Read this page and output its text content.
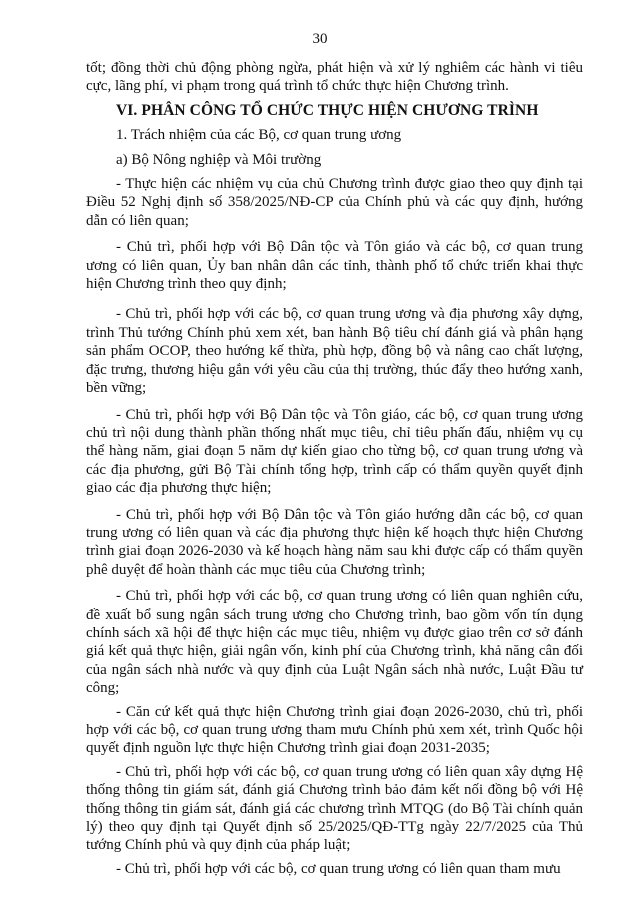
30

tốt; đồng thời chủ động phòng ngừa, phát hiện và xử lý nghiêm các hành vi tiêu cực, lãng phí, vi phạm trong quá trình tổ chức thực hiện Chương trình.

VI. PHÂN CÔNG TỔ CHỨC THỰC HIỆN CHƯƠNG TRÌNH

1. Trách nhiệm của các Bộ, cơ quan trung ương

a) Bộ Nông nghiệp và Môi trường

- Thực hiện các nhiệm vụ của chủ Chương trình được giao theo quy định tại Điều 52 Nghị định số 358/2025/NĐ-CP của Chính phủ và các quy định, hướng dẫn có liên quan;

- Chủ trì, phối hợp với Bộ Dân tộc và Tôn giáo và các bộ, cơ quan trung ương có liên quan, Ủy ban nhân dân các tỉnh, thành phố tổ chức triển khai thực hiện Chương trình theo quy định;

- Chủ trì, phối hợp với các bộ, cơ quan trung ương và địa phương xây dựng, trình Thủ tướng Chính phủ xem xét, ban hành Bộ tiêu chí đánh giá và phân hạng sản phẩm OCOP, theo hướng kế thừa, phù hợp, đồng bộ và nâng cao chất lượng, đặc trưng, thương hiệu gắn với yêu cầu của thị trường, thúc đẩy theo hướng xanh, bền vững;

- Chủ trì, phối hợp với Bộ Dân tộc và Tôn giáo, các bộ, cơ quan trung ương chủ trì nội dung thành phần thống nhất mục tiêu, chỉ tiêu phấn đấu, nhiệm vụ cụ thể hàng năm, giai đoạn 5 năm dự kiến giao cho từng bộ, cơ quan trung ương và các địa phương, gửi Bộ Tài chính tổng hợp, trình cấp có thẩm quyền quyết định giao các địa phương thực hiện;

- Chủ trì, phối hợp với Bộ Dân tộc và Tôn giáo hướng dẫn các bộ, cơ quan trung ương có liên quan và các địa phương thực hiện kế hoạch thực hiện Chương trình giai đoạn 2026-2030 và kế hoạch hàng năm sau khi được cấp có thẩm quyền phê duyệt để hoàn thành các mục tiêu của Chương trình;

- Chủ trì, phối hợp với các bộ, cơ quan trung ương có liên quan nghiên cứu, đề xuất bổ sung ngân sách trung ương cho Chương trình, bao gồm vốn tín dụng chính sách xã hội để thực hiện các mục tiêu, nhiệm vụ được giao trên cơ sở đánh giá kết quả thực hiện, giải ngân vốn, kinh phí của Chương trình, khả năng cân đối của ngân sách nhà nước và quy định của Luật Ngân sách nhà nước, Luật Đầu tư công;

- Căn cứ kết quả thực hiện Chương trình giai đoạn 2026-2030, chủ trì, phối hợp với các bộ, cơ quan trung ương tham mưu Chính phủ xem xét, trình Quốc hội quyết định nguồn lực thực hiện Chương trình giai đoạn 2031-2035;

- Chủ trì, phối hợp với các bộ, cơ quan trung ương có liên quan xây dựng Hệ thống thông tin giám sát, đánh giá Chương trình bảo đảm kết nối đồng bộ với Hệ thống thông tin giám sát, đánh giá các chương trình MTQG (do Bộ Tài chính quản lý) theo quy định tại Quyết định số 25/2025/QĐ-TTg ngày 22/7/2025 của Thủ tướng Chính phủ và quy định của pháp luật;

- Chủ trì, phối hợp với các bộ, cơ quan trung ương có liên quan tham mưu
